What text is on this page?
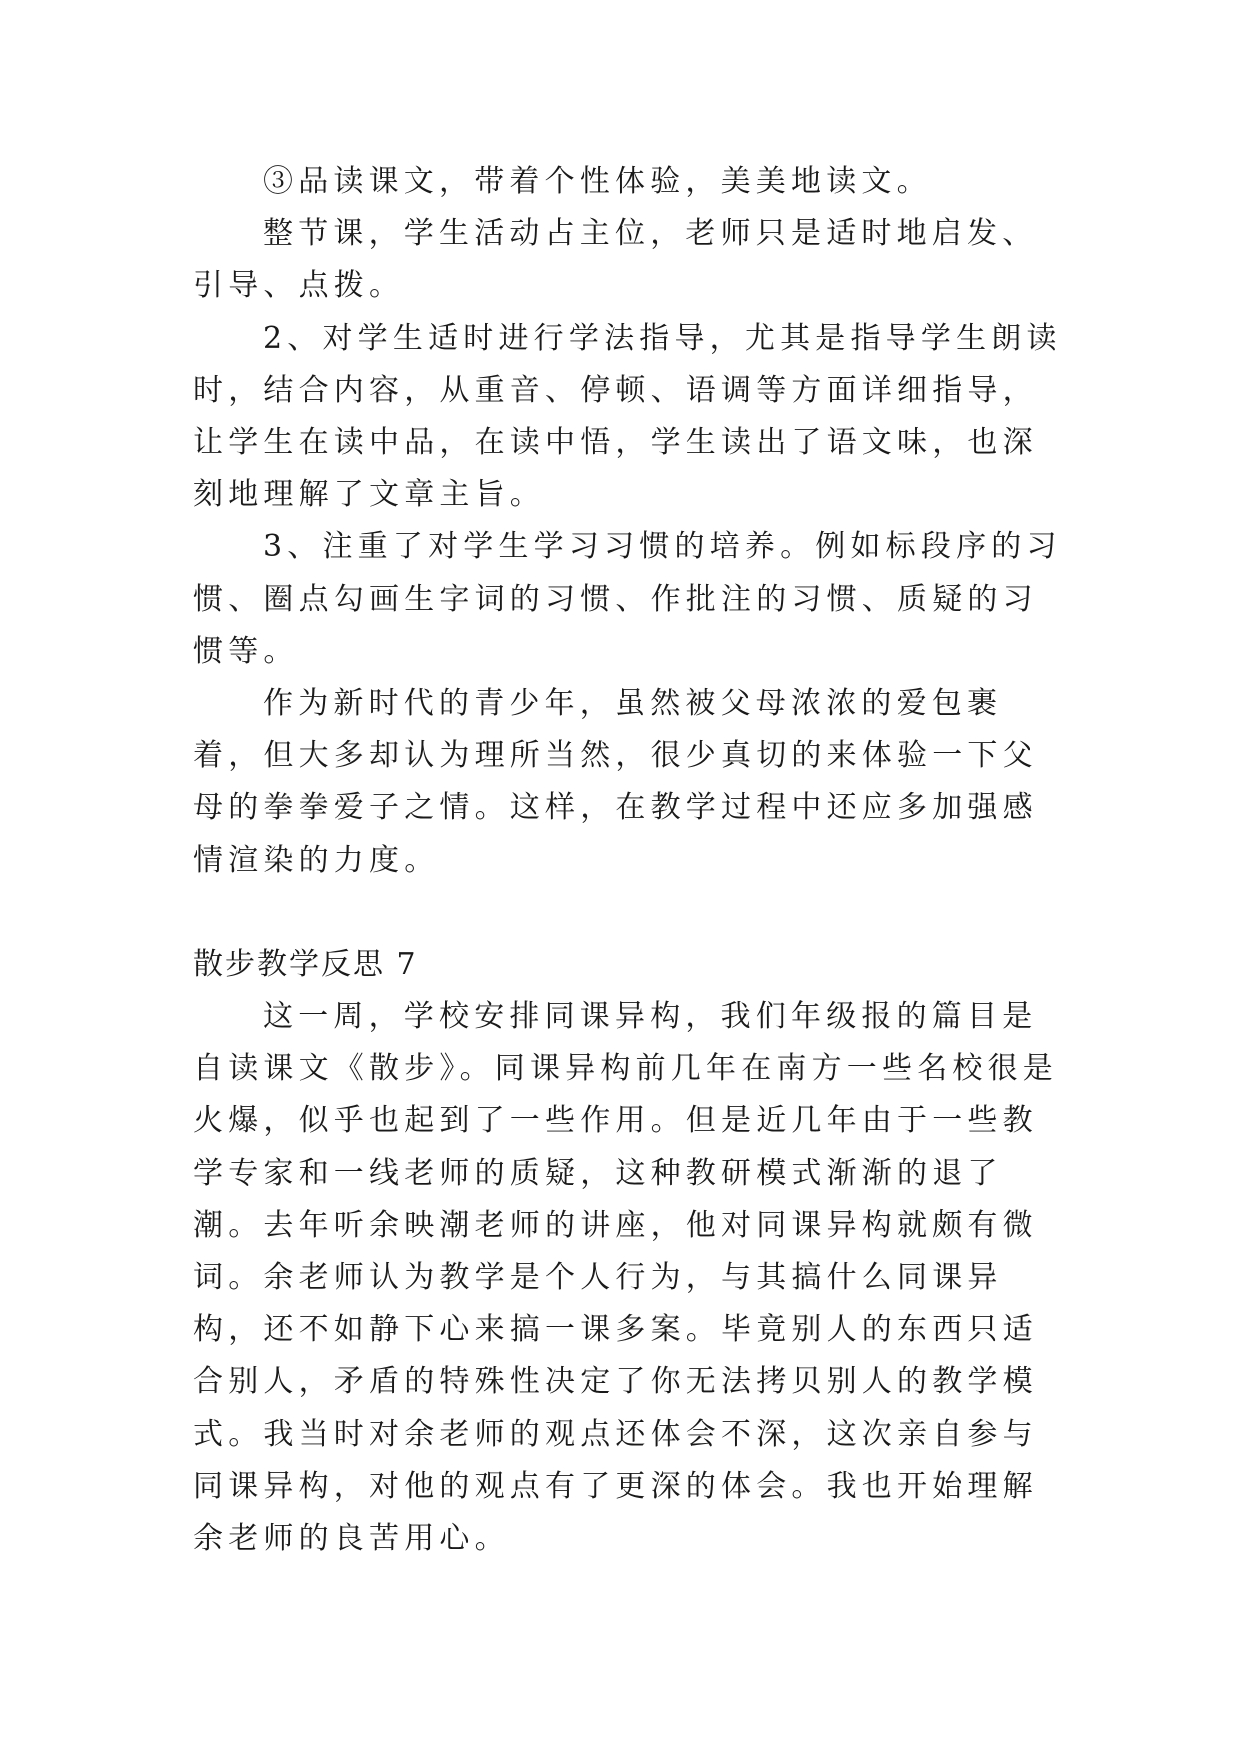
③品读课文，带着个性体验，美美地读文。

整节课，学生活动占主位，老师只是适时地启发、引导、点拨。

2、对学生适时进行学法指导，尤其是指导学生朗读时，结合内容，从重音、停顿、语调等方面详细指导，让学生在读中品，在读中悟，学生读出了语文味，也深刻地理解了文章主旨。

3、注重了对学生学习习惯的培养。例如标段序的习惯、圈点勾画生字词的习惯、作批注的习惯、质疑的习惯等。

作为新时代的青少年，虽然被父母浓浓的爱包裹着，但大多却认为理所当然，很少真切的来体验一下父母的拳拳爱子之情。这样，在教学过程中还应多加强感情渲染的力度。

散步教学反思 7

这一周，学校安排同课异构，我们年级报的篇目是自读课文《散步》。同课异构前几年在南方一些名校很是火爆，似乎也起到了一些作用。但是近几年由于一些教学专家和一线老师的质疑，这种教研模式渐渐的退了潮。去年听余映潮老师的讲座，他对同课异构就颇有微词。余老师认为教学是个人行为，与其搞什么同课异构，还不如静下心来搞一课多案。毕竟别人的东西只适合别人，矛盾的特殊性决定了你无法拷贝别人的教学模式。我当时对余老师的观点还体会不深，这次亲自参与同课异构，对他的观点有了更深的体会。我也开始理解余老师的良苦用心。
